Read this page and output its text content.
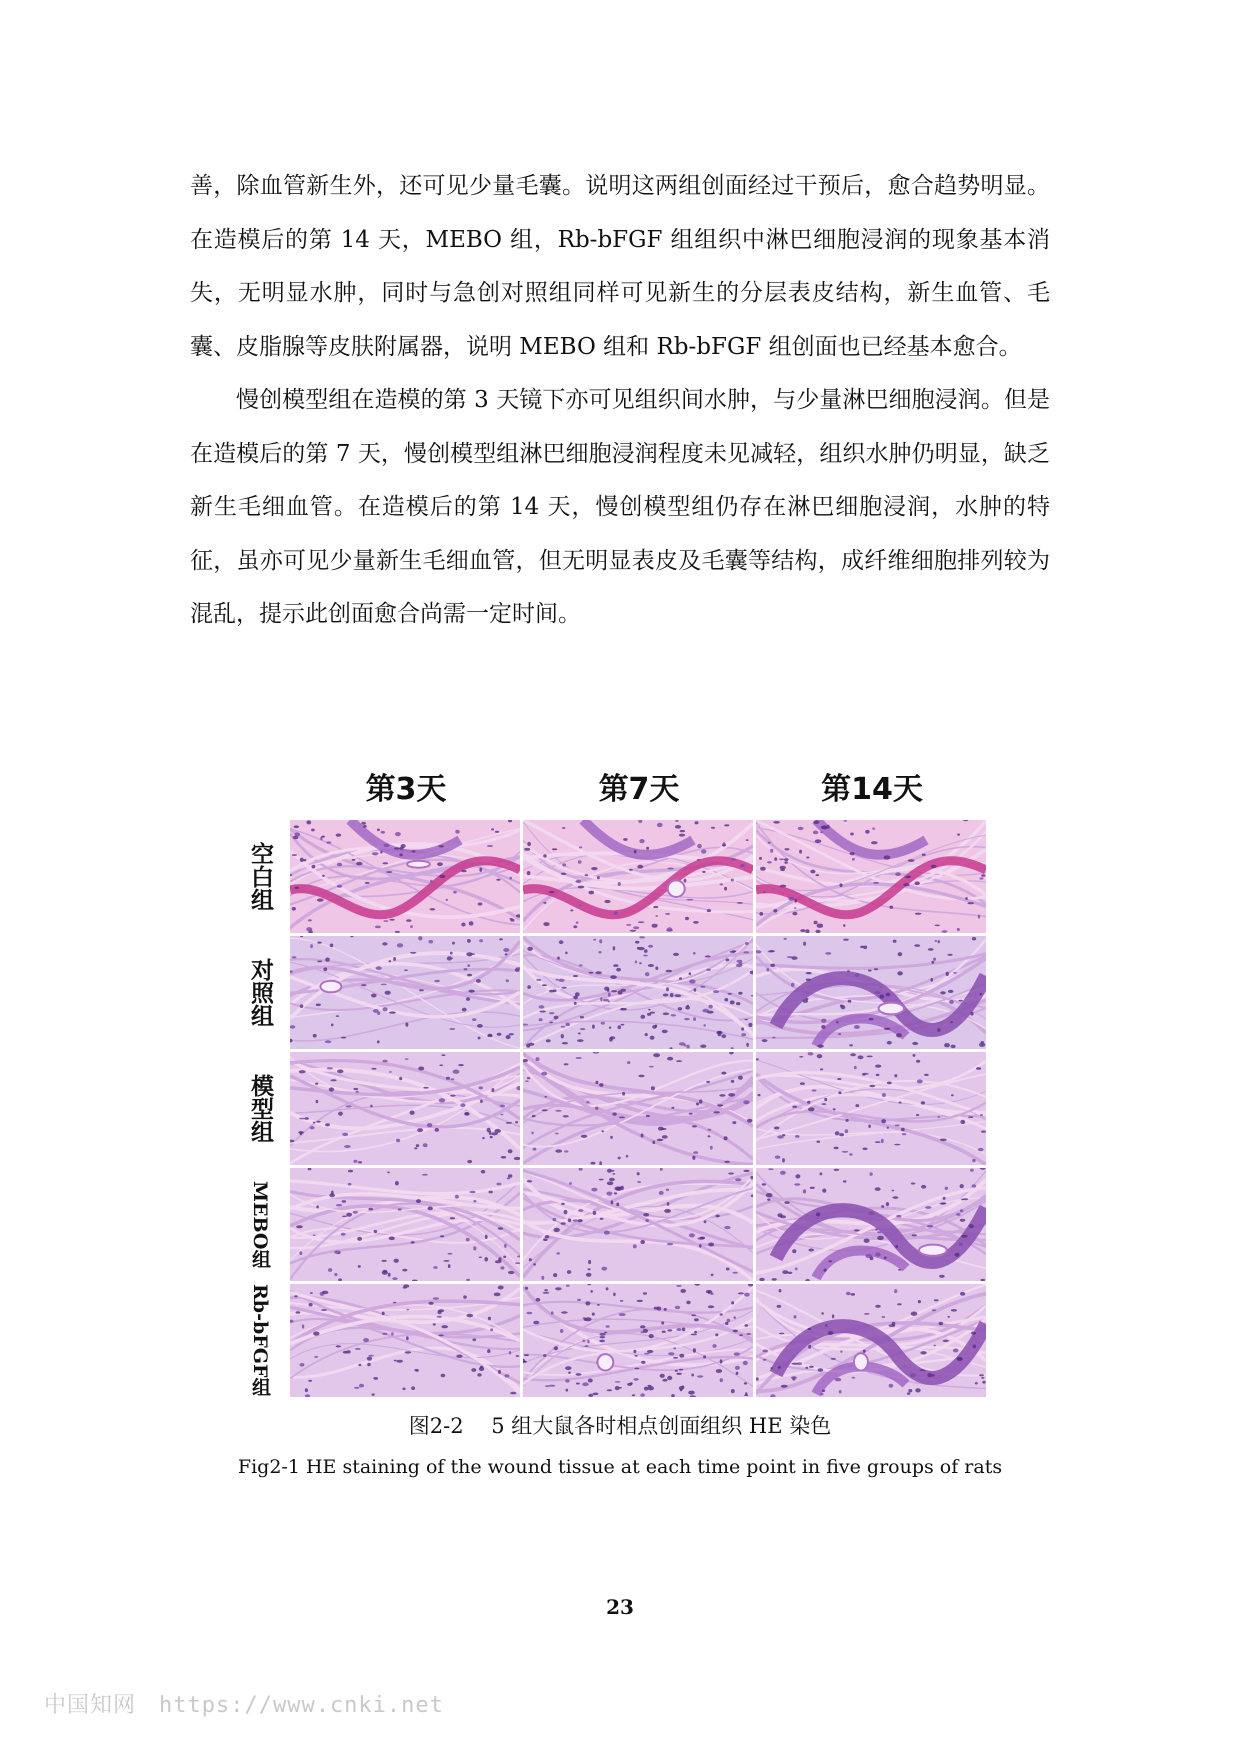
善，除血管新生外，还可见少量毛囊。说明这两组创面经过干预后，愈合趋势明显。在造模后的第 14 天，MEBO 组，Rb-bFGF 组组织中淋巴细胞浸润的现象基本消失，无明显水肿，同时与急创对照组同样可见新生的分层表皮结构，新生血管、毛囊、皮脂腺等皮肤附属器，说明 MEBO 组和 Rb-bFGF 组创面也已经基本愈合。

慢创模型组在造模的第 3 天镜下亦可见组织间水肿，与少量淋巴细胞浸润。但是在造模后的第 7 天，慢创模型组淋巴细胞浸润程度未见减轻，组织水肿仍明显，缺乏新生毛细血管。在造模后的第 14 天，慢创模型组仍存在淋巴细胞浸润，水肿的特征，虽亦可见少量新生毛细血管，但无明显表皮及毛囊等结构，成纤维细胞排列较为混乱，提示此创面愈合尚需一定时间。

第3天	第7天	第14天
空白组
对照组
模型组
MEBO组
Rb-bFGF组
图2-2　 5 组大鼠各时相点创面组织 HE 染色
Fig2-1 HE staining of the wound tissue at each time point in five groups of rats
23
中国知网　https://www.cnki.net
